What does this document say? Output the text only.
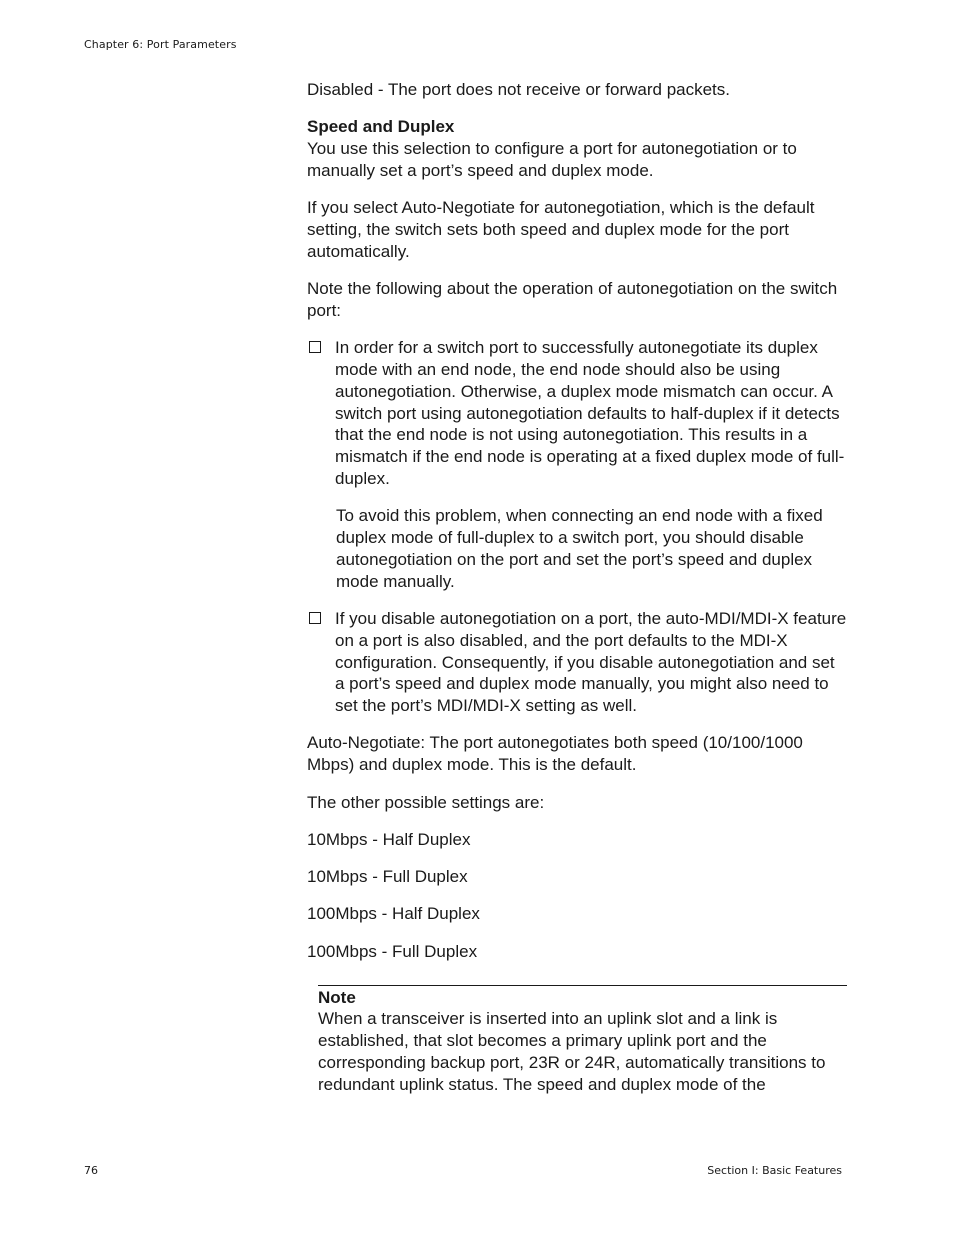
Chapter 6: Port Parameters

Disabled - The port does not receive or forward packets.

Speed and Duplex

You use this selection to configure a port for autonegotiation or to manually set a port’s speed and duplex mode.

If you select Auto-Negotiate for autonegotiation, which is the default setting, the switch sets both speed and duplex mode for the port automatically.

Note the following about the operation of autonegotiation on the switch port:

In order for a switch port to successfully autonegotiate its duplex mode with an end node, the end node should also be using autonegotiation. Otherwise, a duplex mode mismatch can occur. A switch port using autonegotiation defaults to half-duplex if it detects that the end node is not using autonegotiation. This results in a mismatch if the end node is operating at a fixed duplex mode of full-duplex.

To avoid this problem, when connecting an end node with a fixed duplex mode of full-duplex to a switch port, you should disable autonegotiation on the port and set the port’s speed and duplex mode manually.

If you disable autonegotiation on a port, the auto-MDI/MDI-X feature on a port is also disabled, and the port defaults to the MDI-X configuration. Consequently, if you disable autonegotiation and set a port’s speed and duplex mode manually, you might also need to set the port’s MDI/MDI-X setting as well.

Auto-Negotiate: The port autonegotiates both speed (10/100/1000 Mbps) and duplex mode. This is the default.

The other possible settings are:

10Mbps - Half Duplex

10Mbps - Full Duplex

100Mbps - Half Duplex

100Mbps - Full Duplex

Note

When a transceiver is inserted into an uplink slot and a link is established, that slot becomes a primary uplink port and the corresponding backup port, 23R or 24R, automatically transitions to redundant uplink status. The speed and duplex mode of the

76	Section I: Basic Features
